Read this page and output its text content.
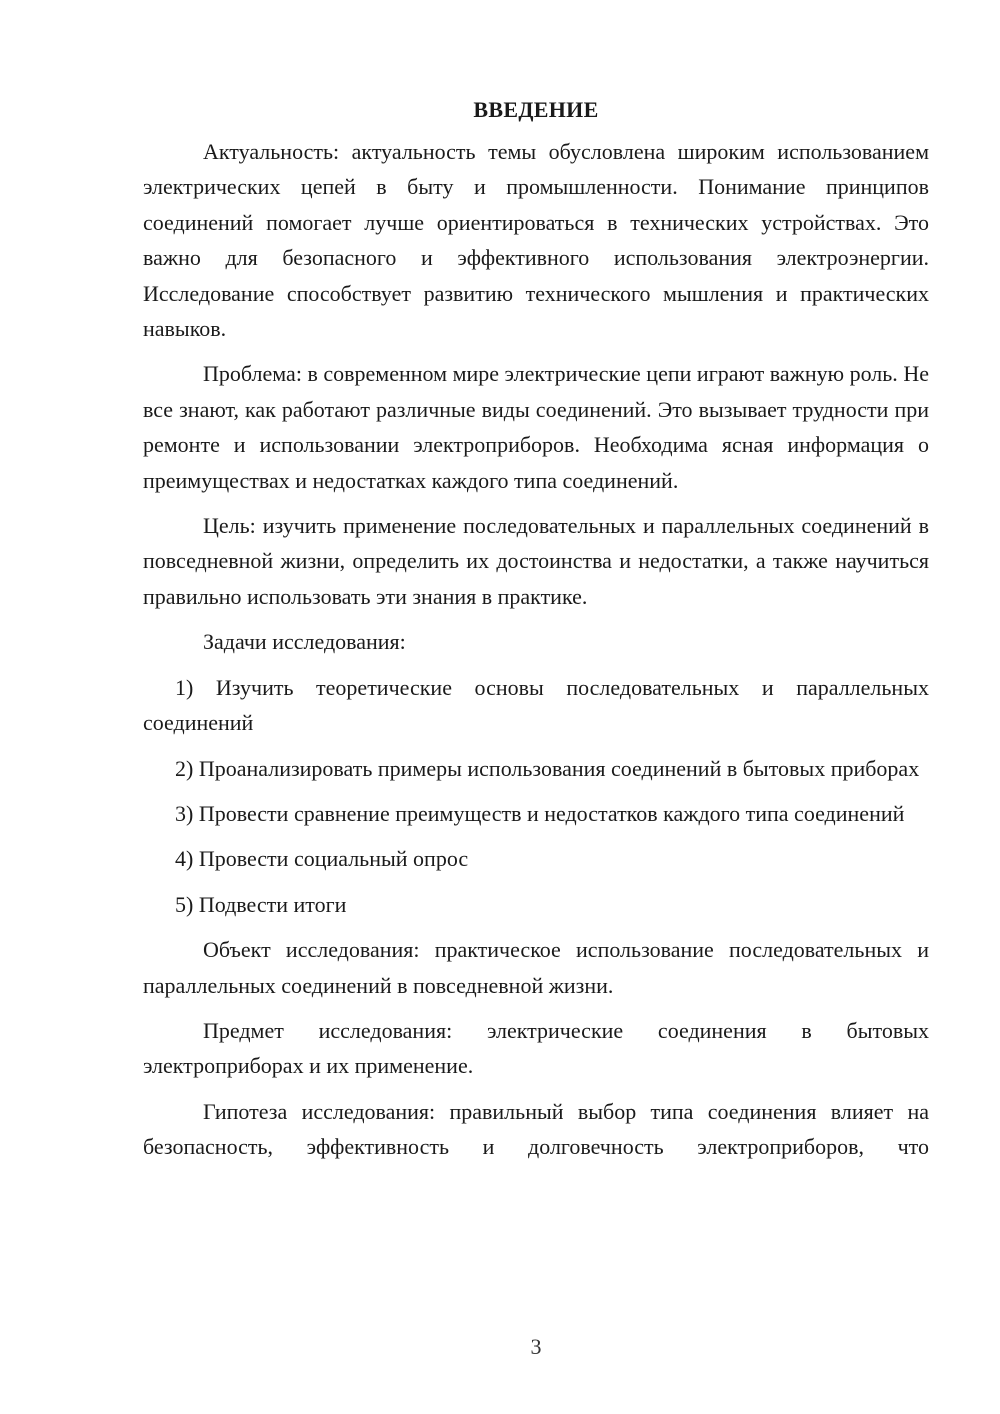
ВВЕДЕНИЕ

Актуальность: актуальность темы обусловлена широким использованием электрических цепей в быту и промышленности. Понимание принципов соединений помогает лучше ориентироваться в технических устройствах. Это важно для безопасного и эффективного использования электроэнергии. Исследование способствует развитию технического мышления и практических навыков.

Проблема: в современном мире электрические цепи играют важную роль. Не все знают, как работают различные виды соединений. Это вызывает трудности при ремонте и использовании электроприборов. Необходима ясная информация о преимуществах и недостатках каждого типа соединений.

Цель: изучить применение последовательных и параллельных соединений в повседневной жизни, определить их достоинства и недостатки, а также научиться правильно использовать эти знания в практике.

Задачи исследования:

1) Изучить теоретические основы последовательных и параллельных соединений

2) Проанализировать примеры использования соединений в бытовых приборах

3) Провести сравнение преимуществ и недостатков каждого типа соединений

4) Провести социальный опрос

5) Подвести итоги

Объект исследования: практическое использование последовательных и параллельных соединений в повседневной жизни.

Предмет исследования: электрические соединения в бытовых электроприборах и их применение.

Гипотеза исследования: правильный выбор типа соединения влияет на безопасность, эффективность и долговечность электроприборов, что

3
